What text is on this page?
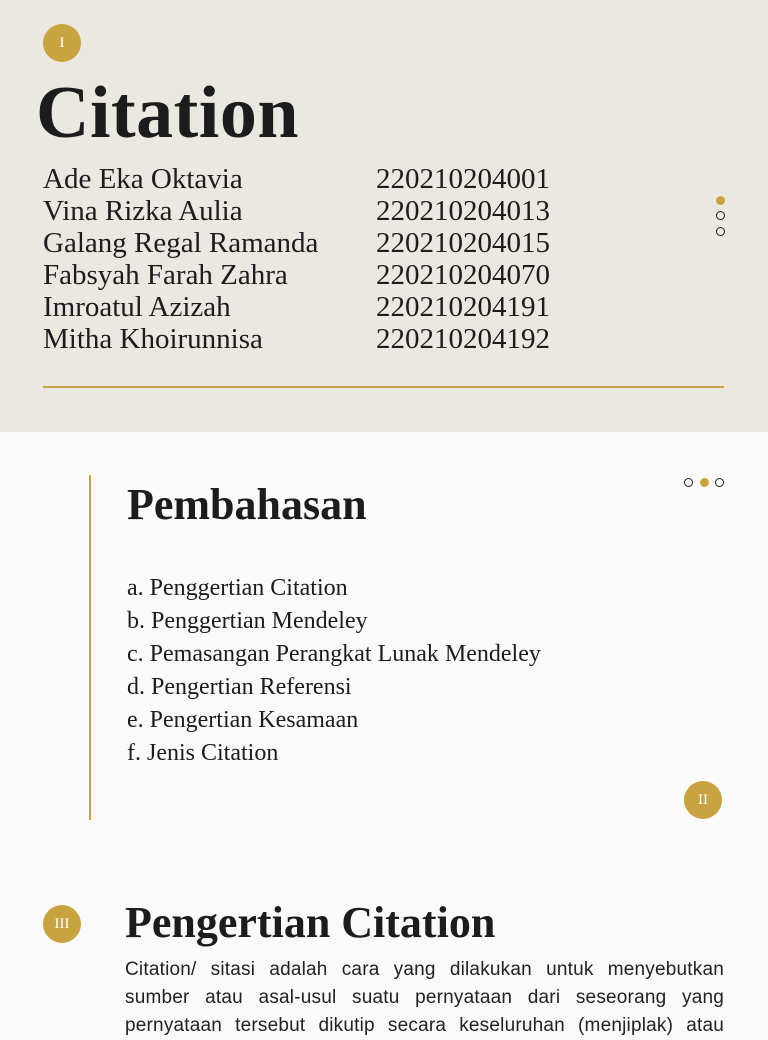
I
Citation
Ade Eka Oktavia	220210204001
Vina Rizka Aulia	220210204013
Galang Regal Ramanda	220210204015
Fabsyah Farah Zahra	220210204070
Imroatul Azizah	220210204191
Mitha Khoirunnisa	220210204192
Pembahasan
a. Penggertian Citation
b. Penggertian Mendeley
c. Pemasangan Perangkat Lunak Mendeley
d. Pengertian Referensi
e. Pengertian Kesamaan
f. Jenis Citation
II
III Pengertian Citation
Citation/ sitasi adalah cara yang dilakukan untuk menyebutkan
sumber atau asal-usul suatu pernyataan dari seseorang yang
pernyataan tersebut dikutip secara keseluruhan (menjiplak) atau
